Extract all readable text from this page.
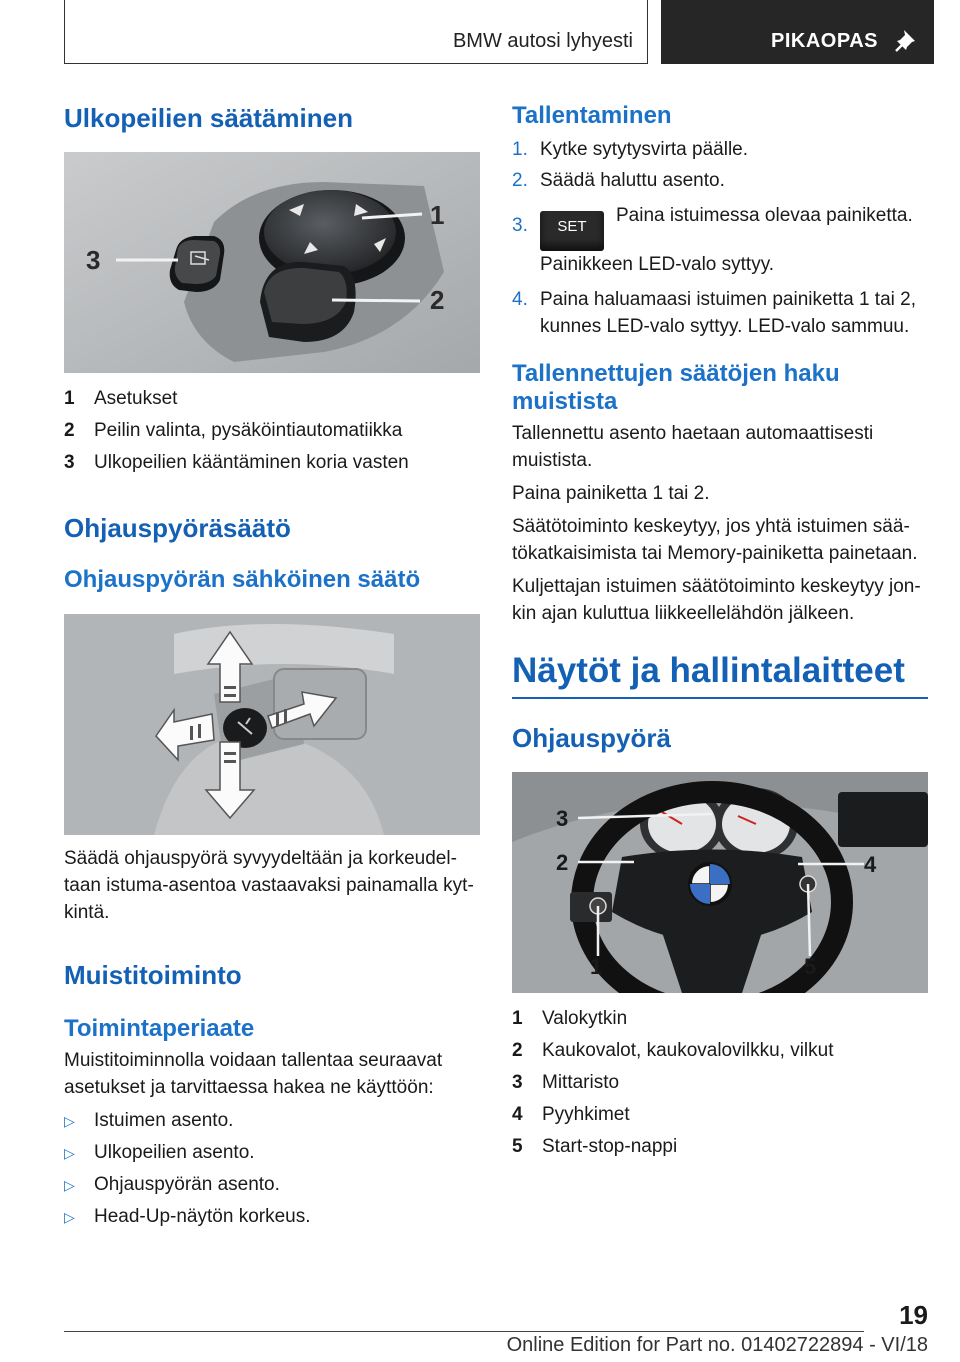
BMW autosi lyhyesti	PIKAOPAS
Ulkopeilien säätäminen
1
2
3
1	Asetukset
2	Peilin valinta, pysäköintiautomatiikka
3	Ulkopeilien kääntäminen koria vasten
Ohjauspyöräsäätö
Ohjauspyörän sähköinen säätö

Säädä ohjauspyörä syvyydeltään ja korkeudeltaan istuma-asentoa vastaavaksi painamalla kytkintä.

Muistitoiminto
Toimintaperiaate

Muistitoiminnolla voidaan tallentaa seuraavat asetukset ja tarvittaessa hakea ne käyttöön:

▷	Istuimen asento.
▷	Ulkopeilien asento.
▷	Ohjauspyörän asento.
▷	Head-Up-näytön korkeus.
Tallentaminen
1. Kytke sytytysvirta päälle.
2. Säädä haluttu asento.
3.	SETPaina istuimessa olevaa painiketta. Painikkeen LED-valo syttyy.
4. Paina haluamaasi istuimen painiketta 1 tai 2, kunnes LED-valo syttyy. LED-valo sammuu.
Tallennettujen säätöjen haku muistista

Tallennettu asento haetaan automaattisesti muistista.

Paina painiketta 1 tai 2.

Säätötoiminto keskeytyy, jos yhtä istuimen säätökatkaisimista tai Memory-painiketta painetaan.

Kuljettajan istuimen säätötoiminto keskeytyy jonkin ajan kuluttua liikkeellelähdön jälkeen.

Näytöt ja hallintalaitteet
Ohjauspyörä
3
2	4
1	5
1	Valokytkin
2	Kaukovalot, kaukovalovilkku, vilkut
3	Mittaristo
4	Pyyhkimet
5	Start-stop-nappi
19
Online Edition for Part no. 01402722894 - VI/18
